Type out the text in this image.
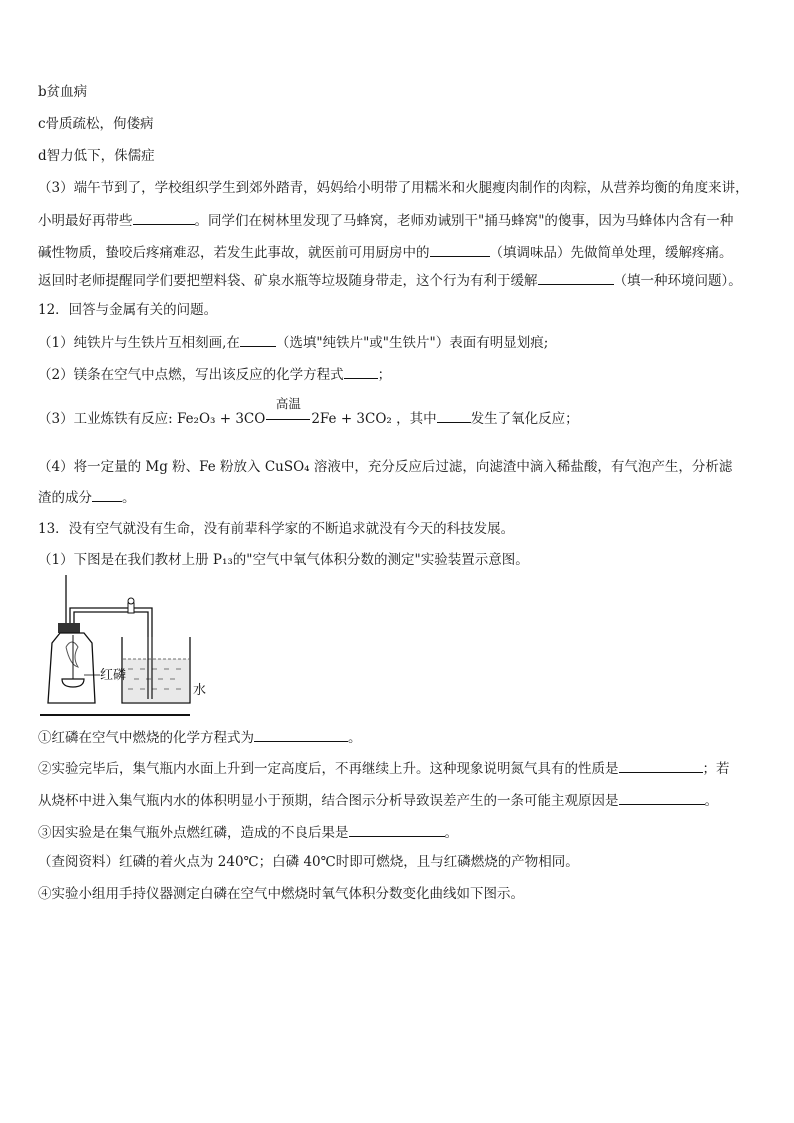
b贫血病
c骨质疏松，佝偻病
d智力低下，侏儒症
（3）端午节到了，学校组织学生到郊外踏青，妈妈给小明带了用糯米和火腿瘦肉制作的肉粽，从营养均衡的角度来讲，
小明最好再带些	。同学们在树林里发现了马蜂窝，老师劝诫别干"捅马蜂窝"的傻事，因为马蜂体内含有一种
碱性物质，蛰咬后疼痛难忍，若发生此事故，就医前可用厨房中的	（填调味品）先做简单处理，缓解疼痛。
返回时老师提醒同学们要把塑料袋、矿泉水瓶等垃圾随身带走，这个行为有利于缓解	（填一种环境问题）。
12．回答与金属有关的问题。
（1）纯铁片与生铁片互相刻画,在	（选填"纯铁片"或"生铁片"）表面有明显划痕;
（2）镁条在空气中点燃，写出该反应的化学方程式	；
（3）工业炼铁有反应: Fe₂O₃ + 3CO
高温
2Fe + 3CO₂ ，其中	发生了氧化反应；
（4）将一定量的 Mg 粉、Fe 粉放入 CuSO₄ 溶液中，充分反应后过滤，向滤渣中滴入稀盐酸，有气泡产生，分析滤
渣的成分 。
13．没有空气就没有生命，没有前辈科学家的不断追求就没有今天的科技发展。
（1）下图是在我们教材上册 P₁₃的"空气中氧气体积分数的测定"实验装置示意图。
红磷
水
①红磷在空气中燃烧的化学方程式为	。
②实验完毕后，集气瓶内水面上升到一定高度后，不再继续上升。这种现象说明氮气具有的性质是	；若
从烧杯中进入集气瓶内水的体积明显小于预期，结合图示分析导致误差产生的一条可能主观原因是	。
③因实验是在集气瓶外点燃红磷，造成的不良后果是	。
（查阅资料）红磷的着火点为 240℃；白磷 40℃时即可燃烧，且与红磷燃烧的产物相同。
④实验小组用手持仪器测定白磷在空气中燃烧时氧气体积分数变化曲线如下图示。
